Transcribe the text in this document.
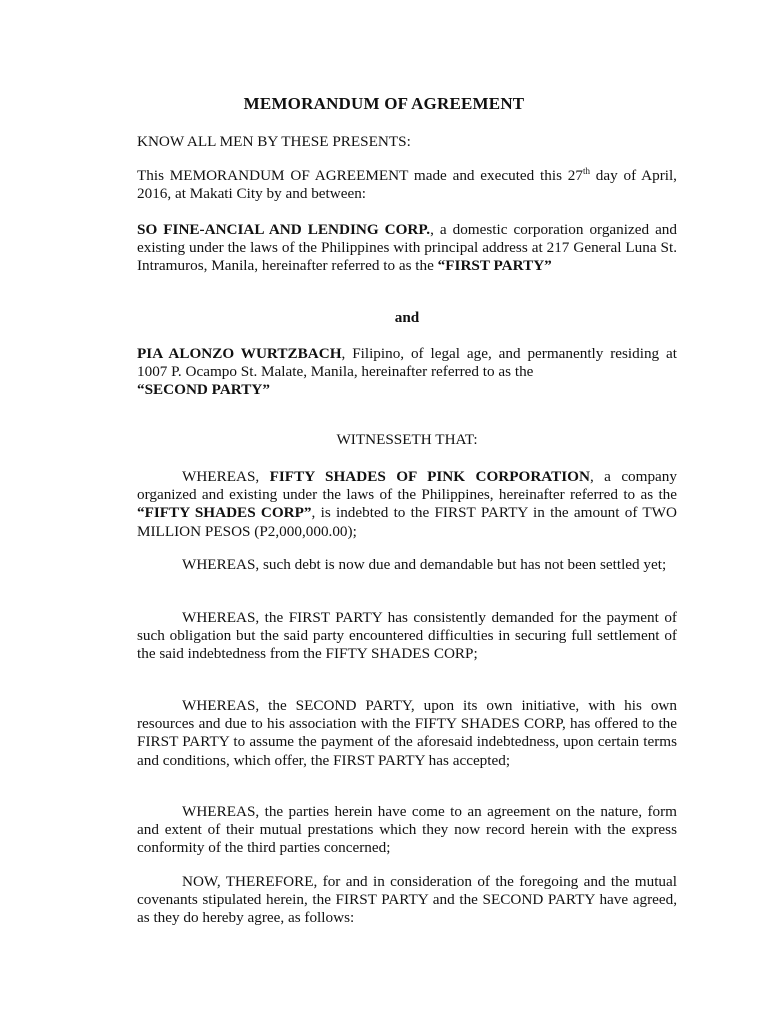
MEMORANDUM OF AGREEMENT
KNOW ALL MEN BY THESE PRESENTS:
This MEMORANDUM OF AGREEMENT made and executed this 27th day of April, 2016, at Makati City by and between:
SO FINE-ANCIAL AND LENDING CORP., a domestic corporation organized and existing under the laws of the Philippines with principal address at 217 General Luna St. Intramuros, Manila, hereinafter referred to as the “FIRST PARTY”
and
PIA ALONZO WURTZBACH, Filipino, of legal age, and permanently residing at 1007 P. Ocampo St. Malate, Manila, hereinafter referred to as the
“SECOND PARTY”
WITNESSETH THAT:
WHEREAS, FIFTY SHADES OF PINK CORPORATION, a company organized and existing under the laws of the Philippines, hereinafter referred to as the “FIFTY SHADES CORP”, is indebted to the FIRST PARTY in the amount of TWO MILLION PESOS (P2,000,000.00);
WHEREAS, such debt is now due and demandable but has not been settled yet;
WHEREAS, the FIRST PARTY has consistently demanded for the payment of such obligation but the said party encountered difficulties in securing full settlement of the said indebtedness from the FIFTY SHADES CORP;
WHEREAS, the SECOND PARTY, upon its own initiative, with his own resources and due to his association with the FIFTY SHADES CORP, has offered to the FIRST PARTY to assume the payment of the aforesaid indebtedness, upon certain terms and conditions, which offer, the FIRST PARTY has accepted;
WHEREAS, the parties herein have come to an agreement on the nature, form and extent of their mutual prestations which they now record herein with the express conformity of the third parties concerned;
NOW, THEREFORE, for and in consideration of the foregoing and the mutual covenants stipulated herein, the FIRST PARTY and the SECOND PARTY have agreed, as they do hereby agree, as follows:
